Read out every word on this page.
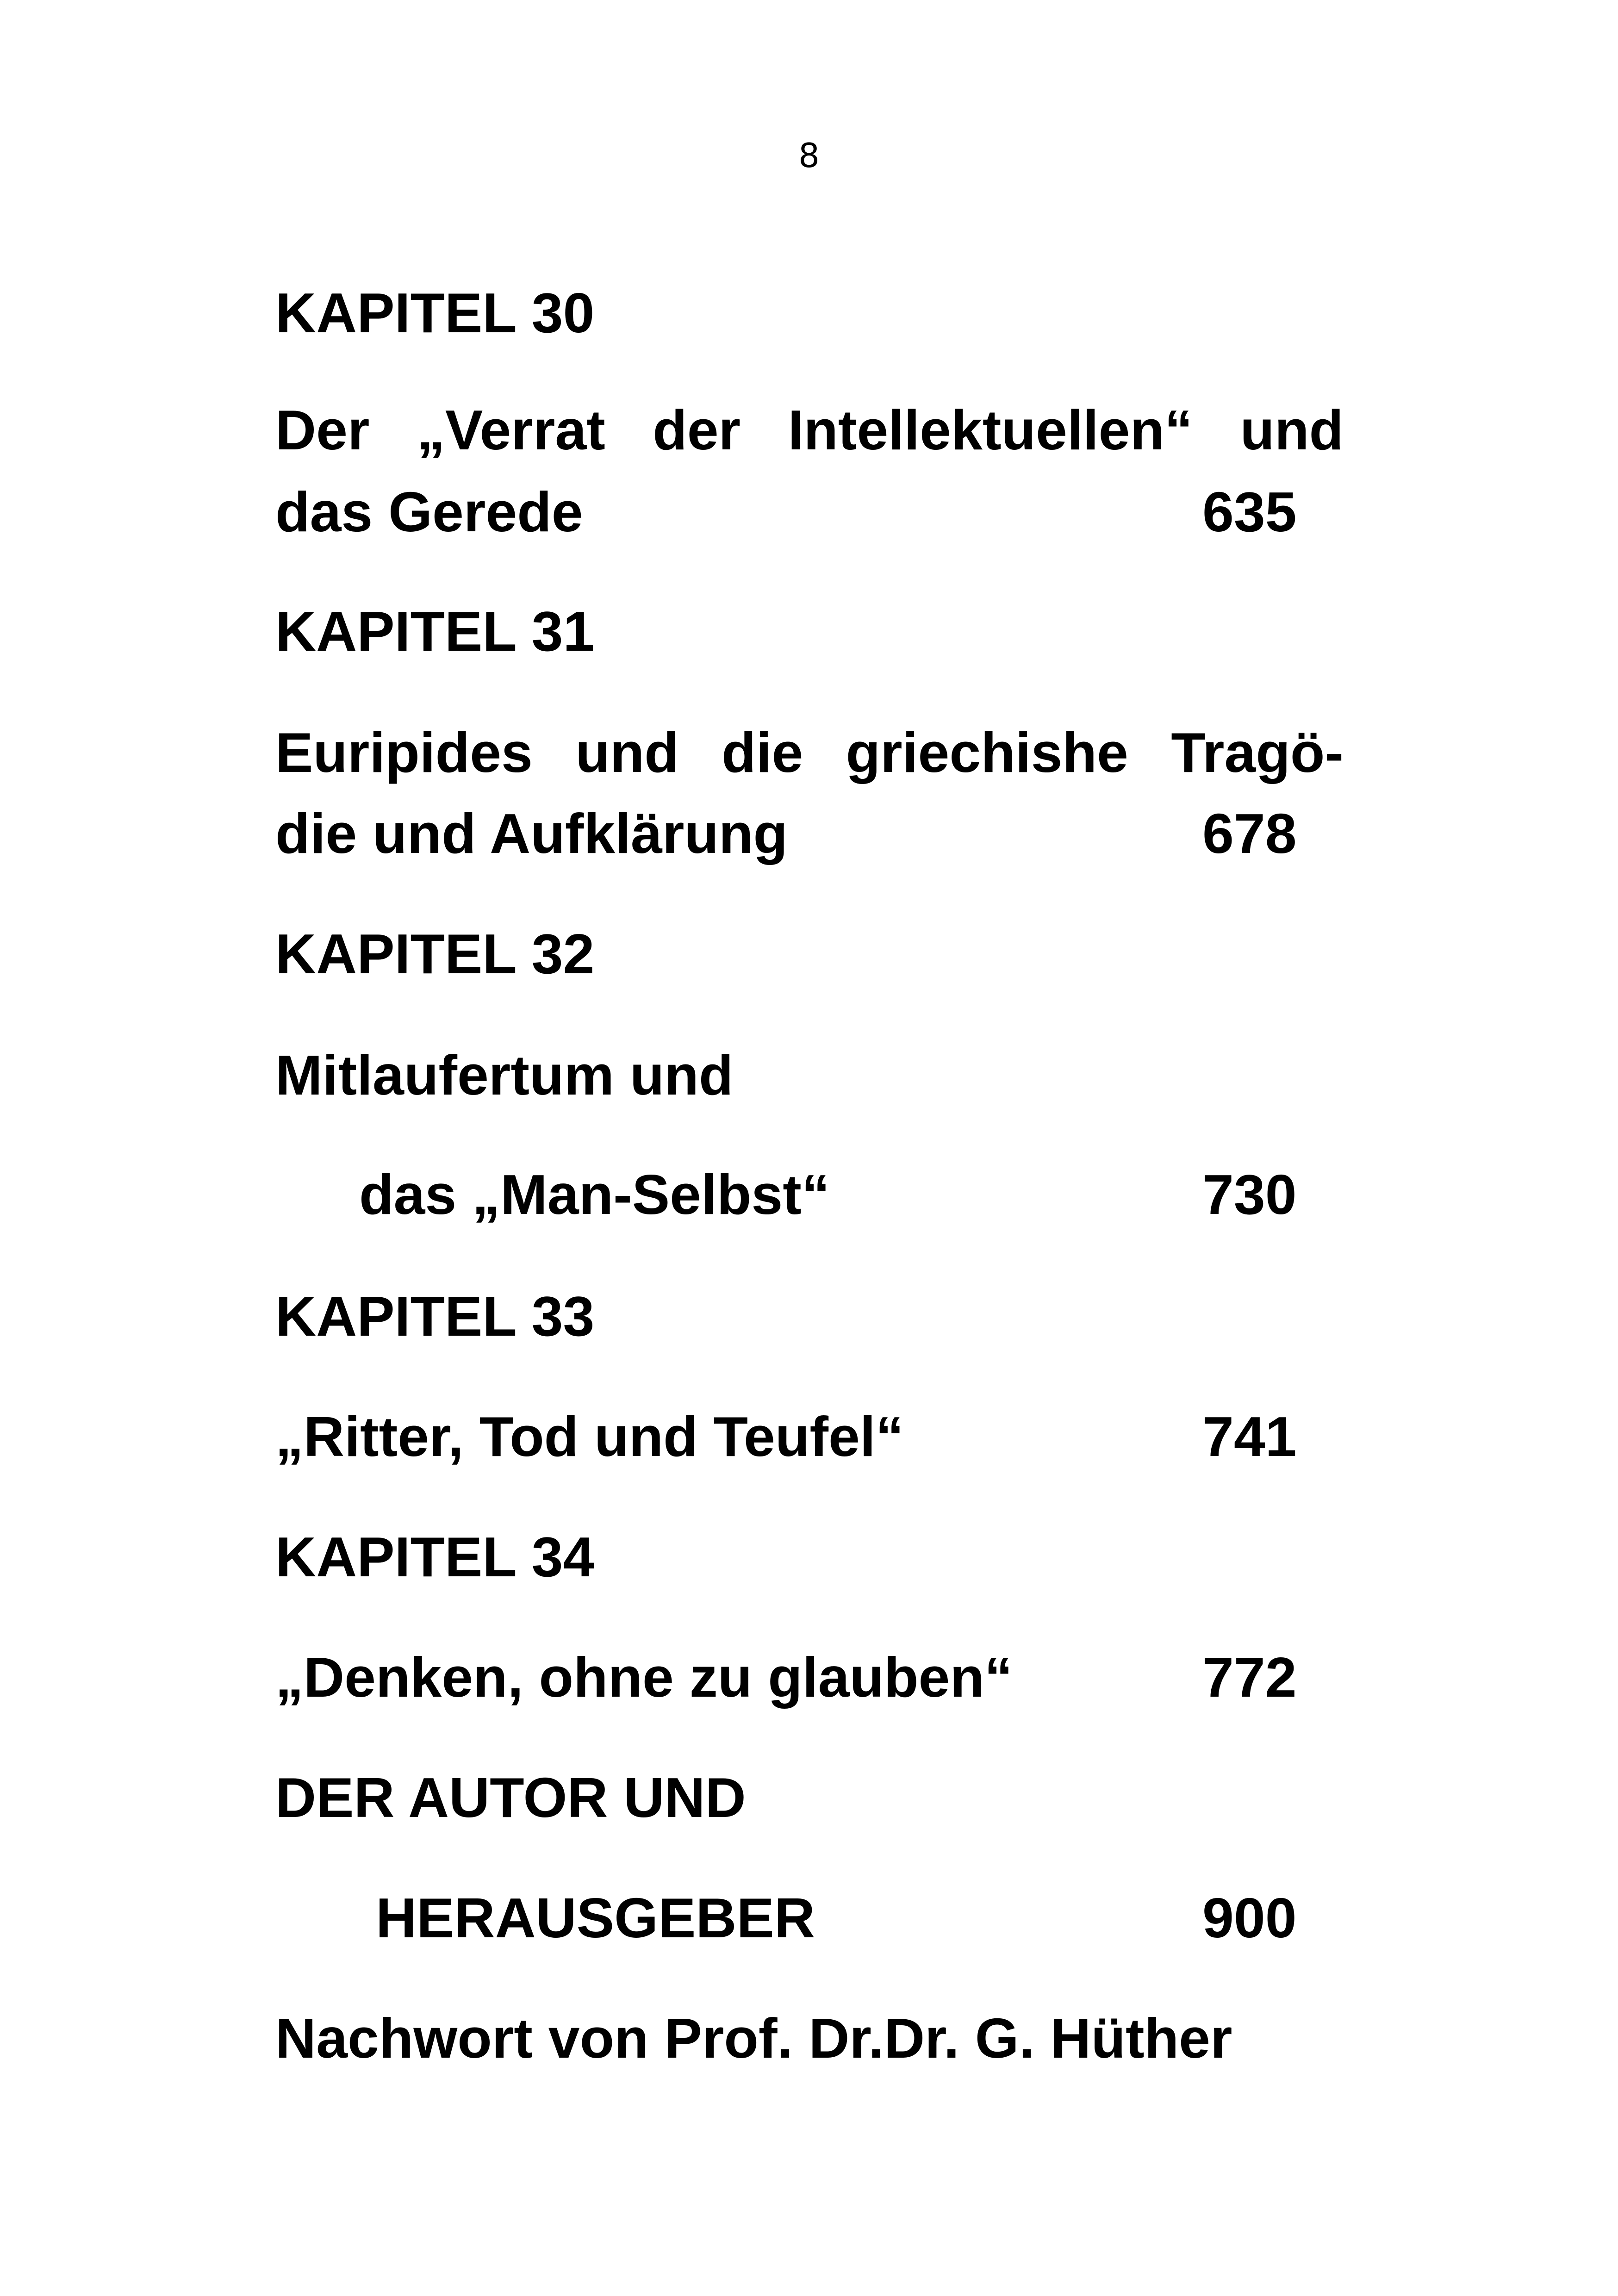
8
KAPITEL 30
Der „Verrat der Intellektuellen“ und
das Gerede	635
KAPITEL 31
Euripides und die griechishe Tragö-
die und Aufklärung	678
KAPITEL 32
Mitlaufertum und
das „Man-Selbst“	730
KAPITEL 33
„Ritter, Tod und Teufel“	741
KAPITEL 34
„Denken, ohne zu glauben“	772
DER AUTOR UND
HERAUSGEBER	900
Nachwort von Prof. Dr.Dr. G. Hüther
